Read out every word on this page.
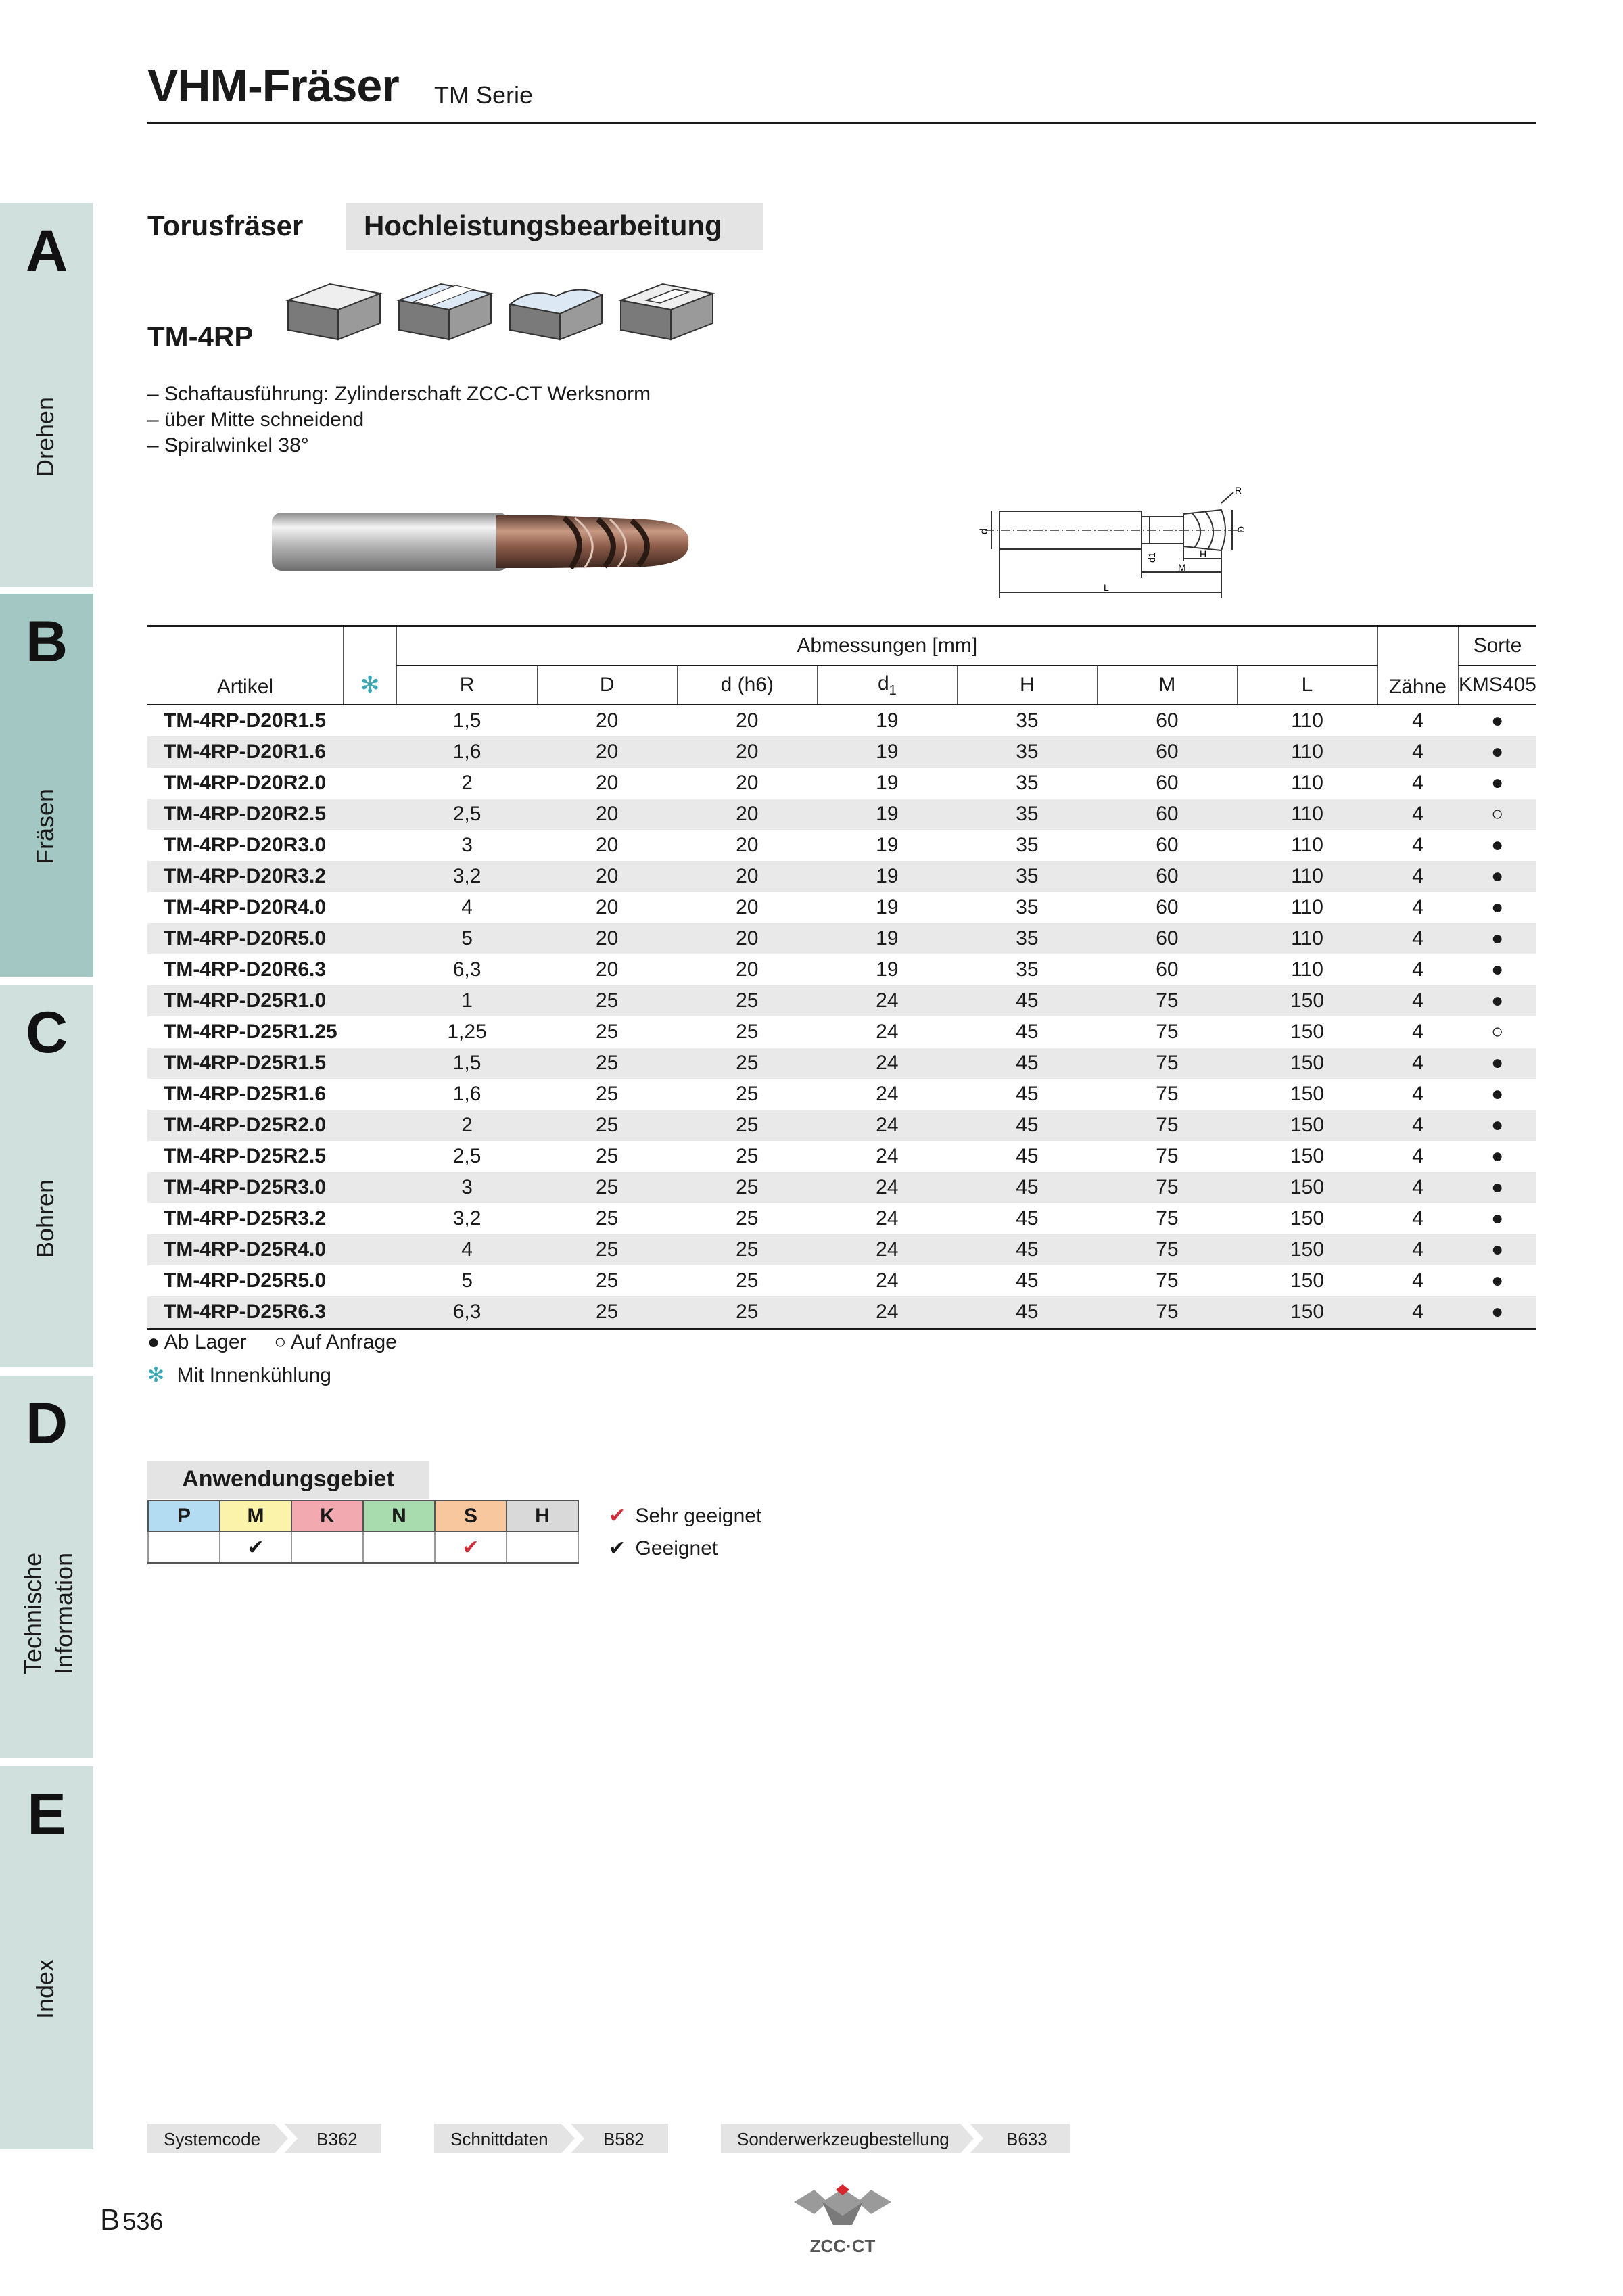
VHM-Fräser TM Serie
A
B
C
D
E
Drehen
Fräsen
Bohren
Technische
Information
Index
Torusfräser Hochleistungsbearbeitung
TM-4RP
– Schaftausführung: Zylinderschaft ZCC-CT Werksnorm
– über Mitte schneidend
– Spiralwinkel 38°
R
d
d1
D
H
M
L
Artikel	✻	Abmessungen [mm]							Zähne	Sorte
		R	D	d (h6)	$d_1$	H	M	L		KMS405
TM-4RP-D20R1.5		1,5	20	20	19	35	60	110	4	●
TM-4RP-D20R1.6		1,6	20	20	19	35	60	110	4	●
TM-4RP-D20R2.0		2	20	20	19	35	60	110	4	●
TM-4RP-D20R2.5		2,5	20	20	19	35	60	110	4	○
TM-4RP-D20R3.0		3	20	20	19	35	60	110	4	●
TM-4RP-D20R3.2		3,2	20	20	19	35	60	110	4	●
TM-4RP-D20R4.0		4	20	20	19	35	60	110	4	●
TM-4RP-D20R5.0		5	20	20	19	35	60	110	4	●
TM-4RP-D20R6.3		6,3	20	20	19	35	60	110	4	●
TM-4RP-D25R1.0		1	25	25	24	45	75	150	4	●
TM-4RP-D25R1.25		1,25	25	25	24	45	75	150	4	○
TM-4RP-D25R1.5		1,5	25	25	24	45	75	150	4	●
TM-4RP-D25R1.6		1,6	25	25	24	45	75	150	4	●
TM-4RP-D25R2.0		2	25	25	24	45	75	150	4	●
TM-4RP-D25R2.5		2,5	25	25	24	45	75	150	4	●
TM-4RP-D25R3.0		3	25	25	24	45	75	150	4	●
TM-4RP-D25R3.2		3,2	25	25	24	45	75	150	4	●
TM-4RP-D25R4.0		4	25	25	24	45	75	150	4	●
TM-4RP-D25R5.0		5	25	25	24	45	75	150	4	●
TM-4RP-D25R6.3		6,3	25	25	24	45	75	150	4	●
● Ab Lager ○ Auf Anfrage
✻ Mit Innenkühlung
Anwendungsgebiet
P	M	K	N	S	H
	✔			✔	
✔ Sehr geeignet
✔ Geeignet
Systemcode	B362	Schnittdaten	B582	Sonderwerkzeugbestellung	B633
B 536
ZCC·CT
